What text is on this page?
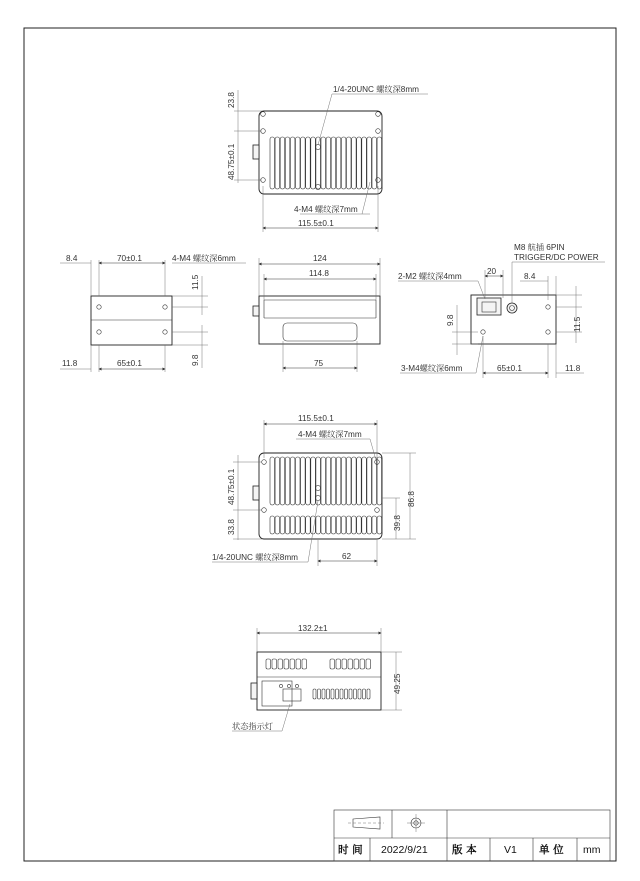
23.8
1/4-20UNC 螺纹深8mm
48.75±0.1
4-M4 螺纹深7mm
115.5±0.1
8.4	70±0.1	4-M4 螺纹深6mm
11.5
11.8	65±0.1	9.8
124
114.8
75
M8 航插 6PIN
TRIGGER/DC POWER
2-M2 螺纹深4mm
20
8.4
9.8	11.5
3-M4螺纹深6mm	65±0.1	11.8
115.5±0.1
4-M4 螺纹深7mm
48.75±0.1
33.8
86.8
39.8
1/4-20UNC 螺纹深8mm	62
132.2±1
49.25
状态指示灯
时 间 2022/9/21 版 本	V1 单 位 mm
